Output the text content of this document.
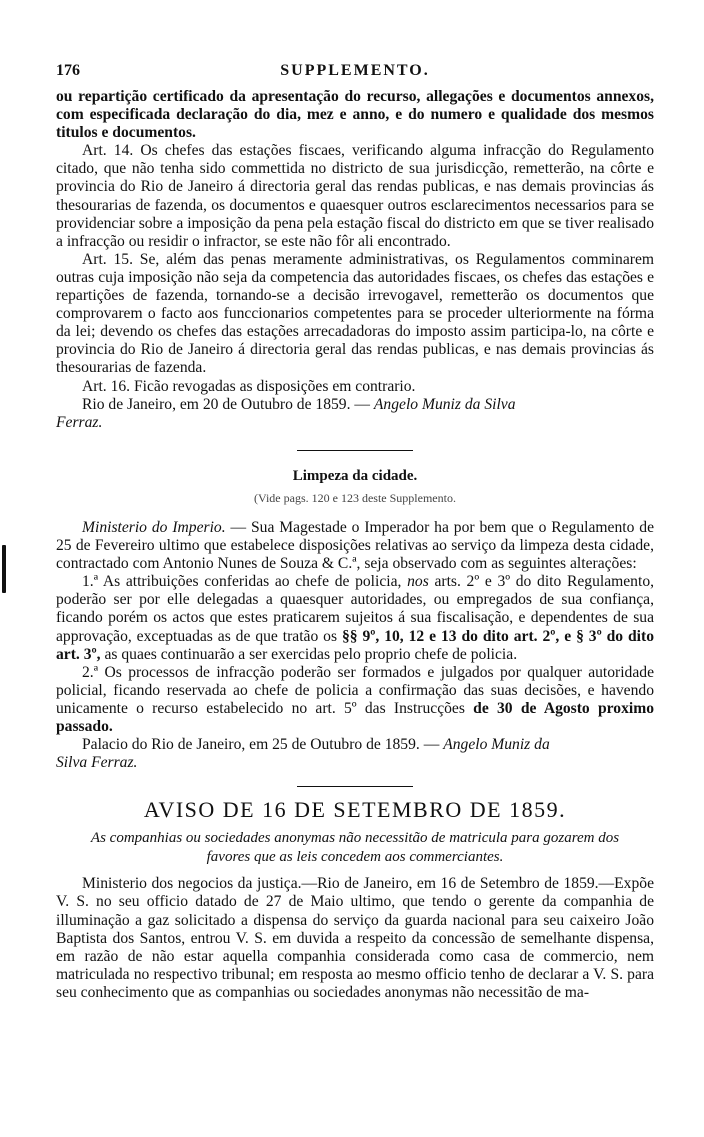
176	SUPPLEMENTO.

ou repartição certificado da apresentação do recurso, allegações e documentos annexos, com especificada declaração do dia, mez e anno, e do numero e qualidade dos mesmos titulos e documentos.

Art. 14. Os chefes das estações fiscaes, verificando alguma infracção do Regulamento citado, que não tenha sido commettida no districto de sua jurisdicção, remetterão, na côrte e provincia do Rio de Janeiro á directoria geral das rendas publicas, e nas demais provincias ás thesourarias de fazenda, os documentos e quaesquer outros esclarecimentos necessarios para se providenciar sobre a imposição da pena pela estação fiscal do districto em que se tiver realisado a infracção ou residir o infractor, se este não fôr ali encontrado.

Art. 15. Se, além das penas meramente administrativas, os Regulamentos comminarem outras cuja imposição não seja da competencia das autoridades fiscaes, os chefes das estações e repartições de fazenda, tornando-se a decisão irrevogavel, remetterão os documentos que comprovarem o facto aos funccionarios competentes para se proceder ulteriormente na fórma da lei; devendo os chefes das estações arrecadadoras do imposto assim participa-lo, na côrte e provincia do Rio de Janeiro á directoria geral das rendas publicas, e nas demais provincias ás thesourarias de fazenda.

Art. 16. Ficão revogadas as disposições em contrario.

Rio de Janeiro, em 20 de Outubro de 1859. — Angelo Muniz da Silva
Ferraz.

Limpeza da cidade.
(Vide pags. 120 e 123 deste Supplemento.

Ministerio do Imperio. — Sua Magestade o Imperador ha por bem que o Regulamento de 25 de Fevereiro ultimo que estabelece disposições relativas ao serviço da limpeza desta cidade, contractado com Antonio Nunes de Souza & C.ª, seja observado com as seguintes alterações:

1.ª As attribuições conferidas ao chefe de policia, nos arts. 2º e 3º do dito Regulamento, poderão ser por elle delegadas a quaesquer autoridades, ou empregados de sua confiança, ficando porém os actos que estes praticarem sujeitos á sua fiscalisação, e dependentes de sua approvação, exceptuadas as de que tratão os §§ 9º, 10, 12 e 13 do dito art. 2º, e § 3º do dito art. 3º, as quaes continuarão a ser exercidas pelo proprio chefe de policia.

2.ª Os processos de infracção poderão ser formados e julgados por qualquer autoridade policial, ficando reservada ao chefe de policia a confirmação das suas decisões, e havendo unicamente o recurso estabelecido no art. 5º das Instrucções de 30 de Agosto proximo passado.

Palacio do Rio de Janeiro, em 25 de Outubro de 1859. — Angelo Muniz da
Silva Ferraz.

AVISO DE 16 DE SETEMBRO DE 1859.
As companhias ou sociedades anonymas não necessitão de matricula para gozarem dos favores que as leis concedem aos commerciantes.

Ministerio dos negocios da justiça.—Rio de Janeiro, em 16 de Setembro de 1859.—Expõe V. S. no seu officio datado de 27 de Maio ultimo, que tendo o gerente da companhia de illuminação a gaz solicitado a dispensa do serviço da guarda nacional para seu caixeiro João Baptista dos Santos, entrou V. S. em duvida a respeito da concessão de semelhante dispensa, em razão de não estar aquella companhia considerada como casa de commercio, nem matriculada no respectivo tribunal; em resposta ao mesmo officio tenho de declarar a V. S. para seu conhecimento que as companhias ou sociedades anonymas não necessitão de ma-
